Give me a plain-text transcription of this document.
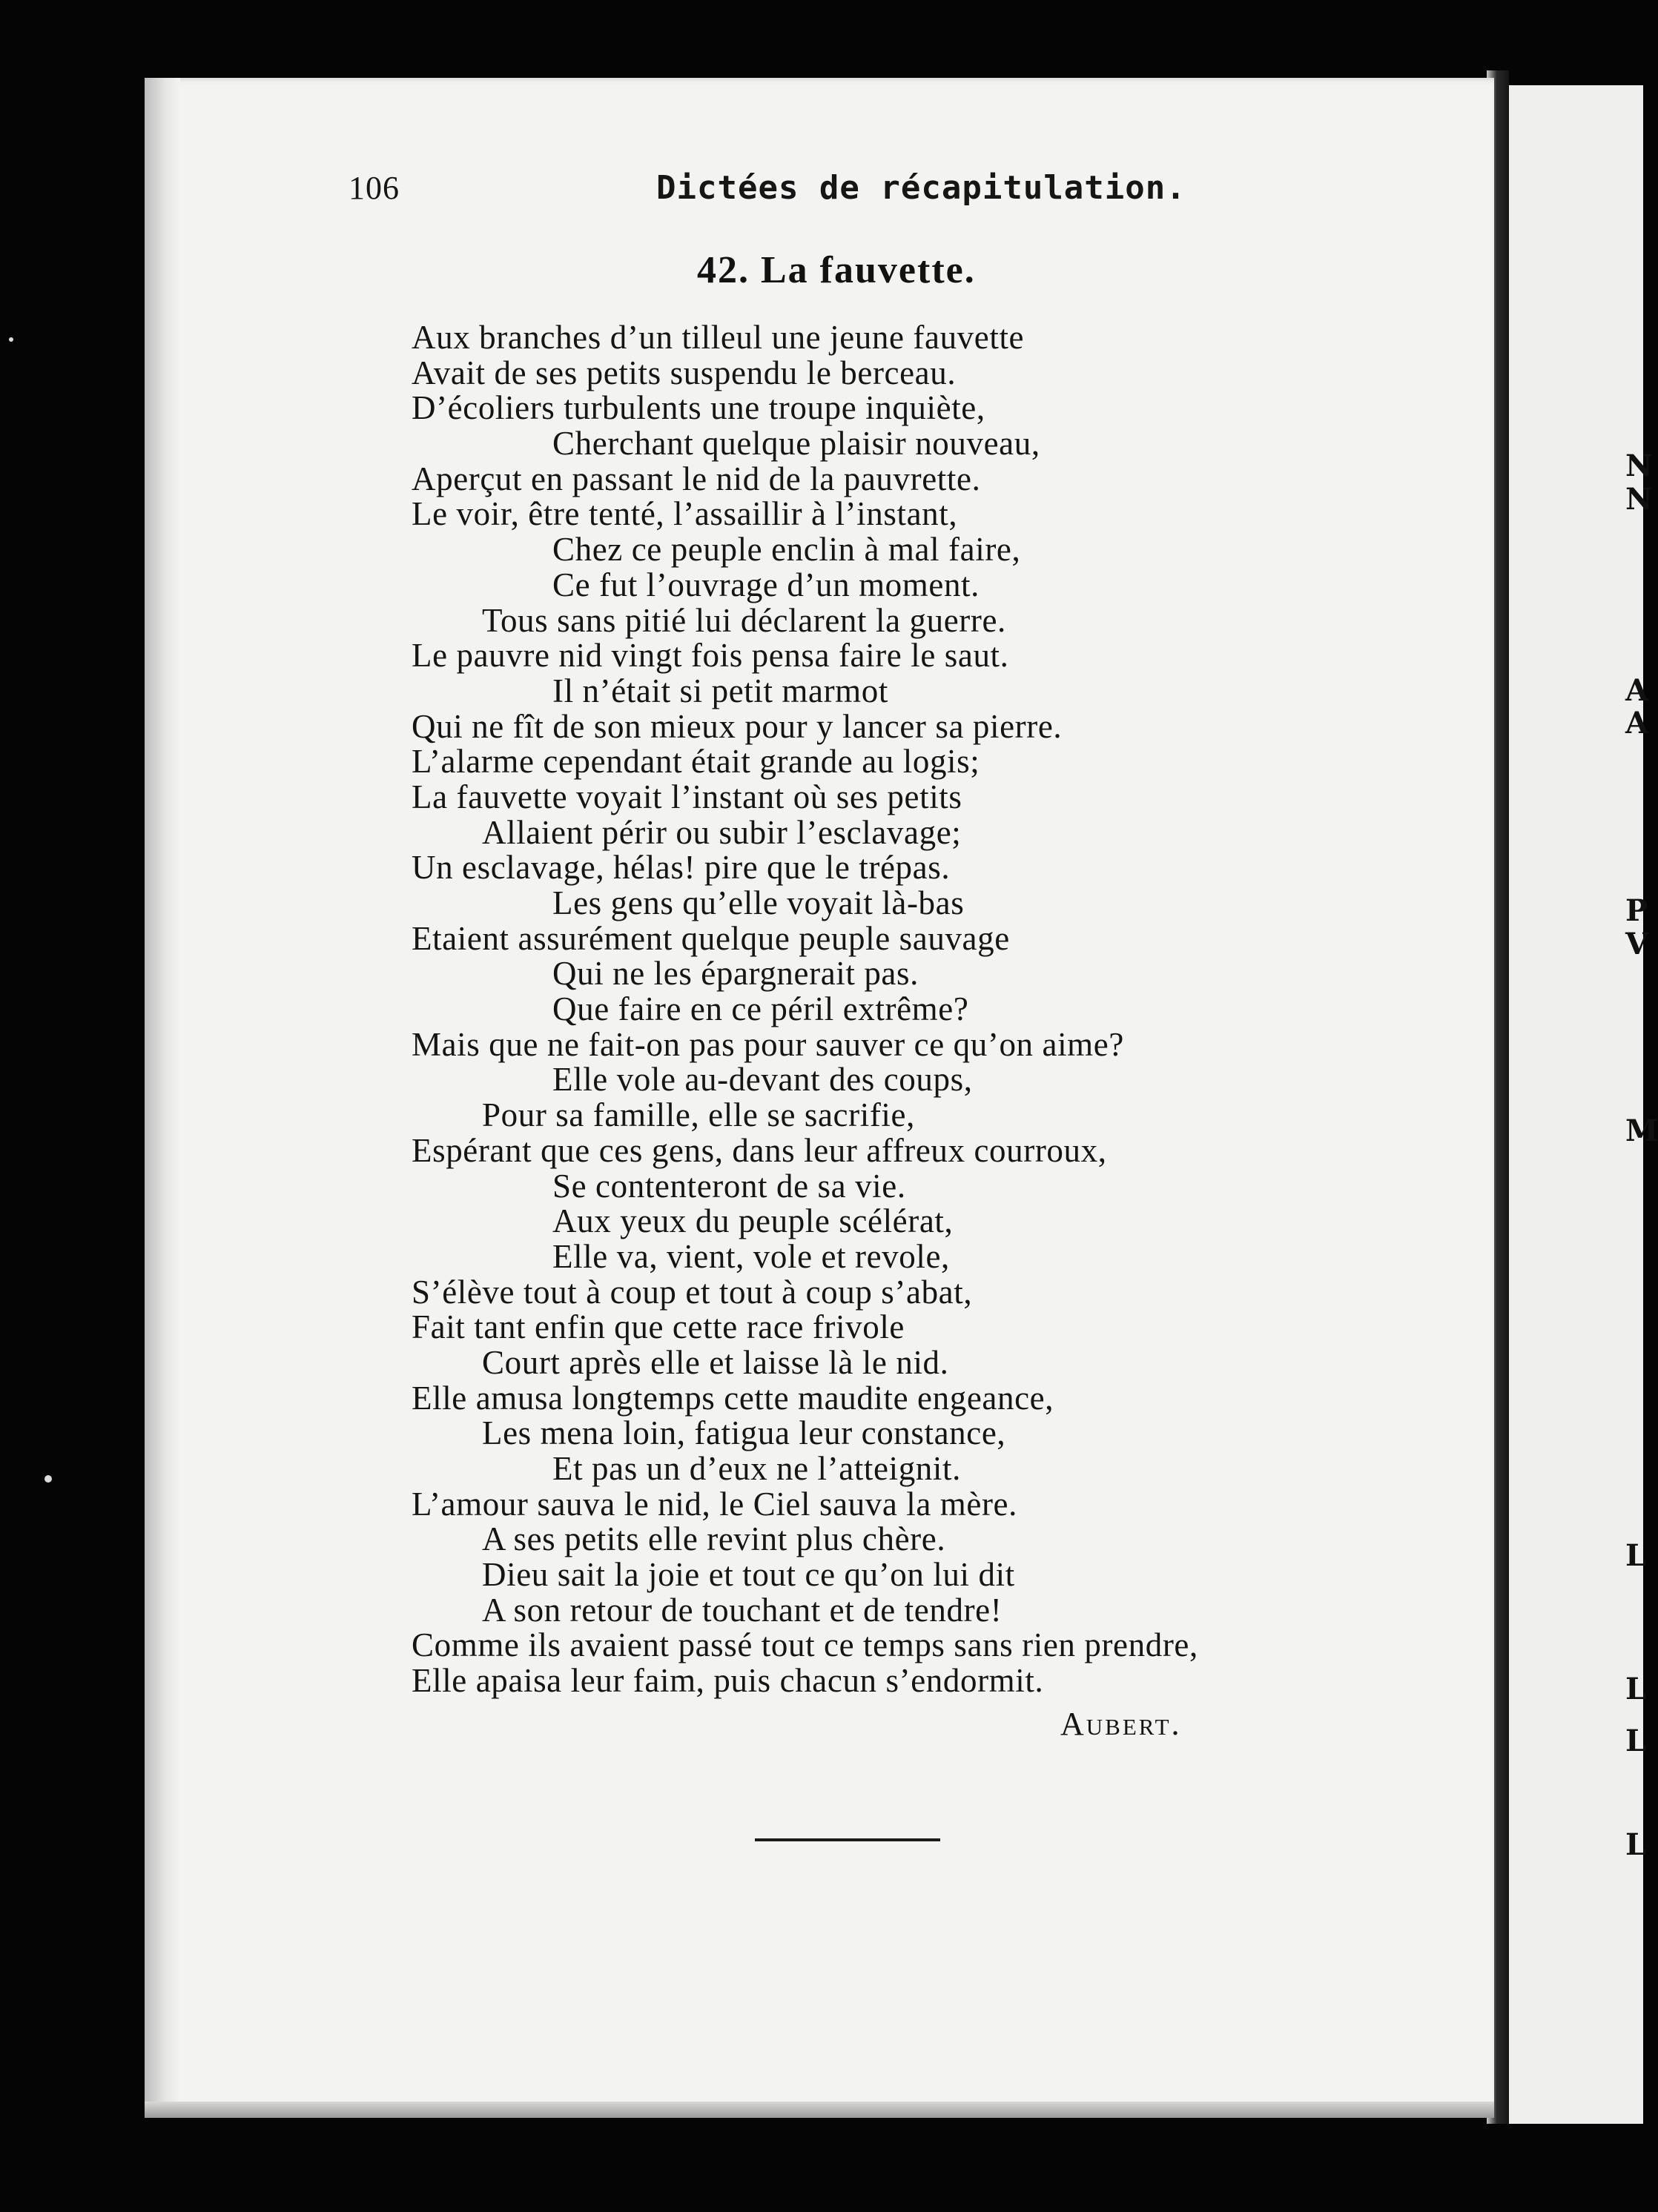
N
N
A
A
P
V
M
L
L
L
L
106	Dictées de récapitulation.
42. La fauvette.
Aux branches d’un tilleul une jeune fauvette
Avait de ses petits suspendu le berceau.
D’écoliers turbulents une troupe inquiète,
Cherchant quelque plaisir nouveau,
Aperçut en passant le nid de la pauvrette.
Le voir, être tenté, l’assaillir à l’instant,
Chez ce peuple enclin à mal faire,
Ce fut l’ouvrage d’un moment.
Tous sans pitié lui déclarent la guerre.
Le pauvre nid vingt fois pensa faire le saut.
Il n’était si petit marmot
Qui ne fît de son mieux pour y lancer sa pierre.
L’alarme cependant était grande au logis;
La fauvette voyait l’instant où ses petits
Allaient périr ou subir l’esclavage;
Un esclavage, hélas! pire que le trépas.
Les gens qu’elle voyait là-bas
Etaient assurément quelque peuple sauvage
Qui ne les épargnerait pas.
Que faire en ce péril extrême?
Mais que ne fait-on pas pour sauver ce qu’on aime?
Elle vole au-devant des coups,
Pour sa famille, elle se sacrifie,
Espérant que ces gens, dans leur affreux courroux,
Se contenteront de sa vie.
Aux yeux du peuple scélérat,
Elle va, vient, vole et revole,
S’élève tout à coup et tout à coup s’abat,
Fait tant enfin que cette race frivole
Court après elle et laisse là le nid.
Elle amusa longtemps cette maudite engeance,
Les mena loin, fatigua leur constance,
Et pas un d’eux ne l’atteignit.
L’amour sauva le nid, le Ciel sauva la mère.
A ses petits elle revint plus chère.
Dieu sait la joie et tout ce qu’on lui dit
A son retour de touchant et de tendre!
Comme ils avaient passé tout ce temps sans rien prendre,
Elle apaisa leur faim, puis chacun s’endormit.
Aubert.
